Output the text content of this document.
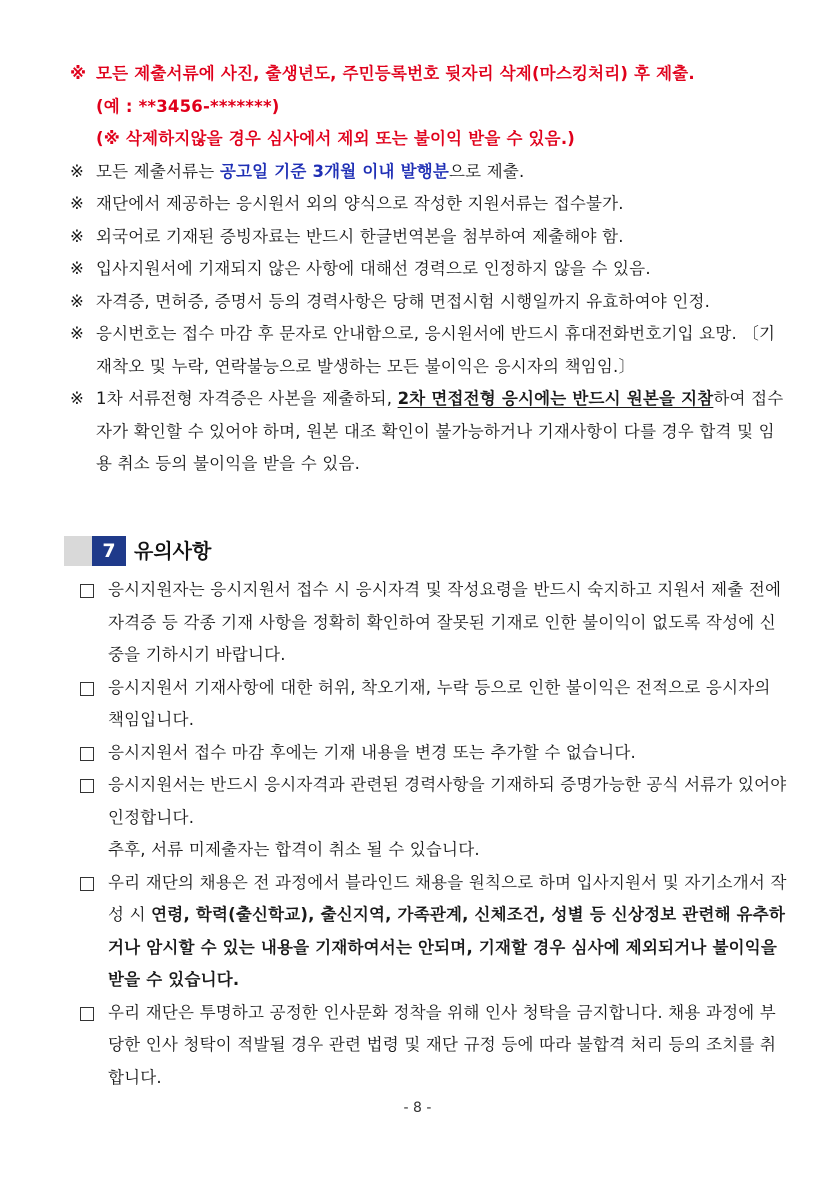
※ 모든 제출서류에 사진, 출생년도, 주민등록번호 뒷자리 삭제(마스킹처리) 후 제출.
(예 : **3456-*******)
(※ 삭제하지않을 경우 심사에서 제외 또는 불이익 받을 수 있음.)
※ 모든 제출서류는 공고일 기준 3개월 이내 발행분으로 제출.
※ 재단에서 제공하는 응시원서 외의 양식으로 작성한 지원서류는 접수불가.
※ 외국어로 기재된 증빙자료는 반드시 한글번역본을 첨부하여 제출해야 함.
※ 입사지원서에 기재되지 않은 사항에 대해선 경력으로 인정하지 않을 수 있음.
※ 자격증, 면허증, 증명서 등의 경력사항은 당해 면접시험 시행일까지 유효하여야 인정.
※ 응시번호는 접수 마감 후 문자로 안내함으로, 응시원서에 반드시 휴대전화번호기입 요망. 〔기재착오 및 누락, 연락불능으로 발생하는 모든 불이익은 응시자의 책임임.〕
※ 1차 서류전형 자격증은 사본을 제출하되, 2차 면접전형 응시에는 반드시 원본을 지참하여 접수자가 확인할 수 있어야 하며, 원본 대조 확인이 불가능하거나 기재사항이 다를 경우 합격 및 임용 취소 등의 불이익을 받을 수 있음.
7 유의사항
응시지원자는 응시지원서 접수 시 응시자격 및 작성요령을 반드시 숙지하고 지원서 제출 전에 자격증 등 각종 기재 사항을 정확히 확인하여 잘못된 기재로 인한 불이익이 없도록 작성에 신중을 기하시기 바랍니다.
응시지원서 기재사항에 대한 허위, 착오기재, 누락 등으로 인한 불이익은 전적으로 응시자의 책임입니다.
응시지원서 접수 마감 후에는 기재 내용을 변경 또는 추가할 수 없습니다.
응시지원서는 반드시 응시자격과 관련된 경력사항을 기재하되 증명가능한 공식 서류가 있어야 인정합니다.
추후, 서류 미제출자는 합격이 취소 될 수 있습니다.
우리 재단의 채용은 전 과정에서 블라인드 채용을 원칙으로 하며 입사지원서 및 자기소개서 작성 시 연령, 학력(출신학교), 출신지역, 가족관계, 신체조건, 성별 등 신상정보 관련해 유추하거나 암시할 수 있는 내용을 기재하여서는 안되며, 기재할 경우 심사에 제외되거나 불이익을 받을 수 있습니다.
우리 재단은 투명하고 공정한 인사문화 정착을 위해 인사 청탁을 금지합니다. 채용 과정에 부당한 인사 청탁이 적발될 경우 관련 법령 및 재단 규정 등에 따라 불합격 처리 등의 조치를 취합니다.
- 8 -
